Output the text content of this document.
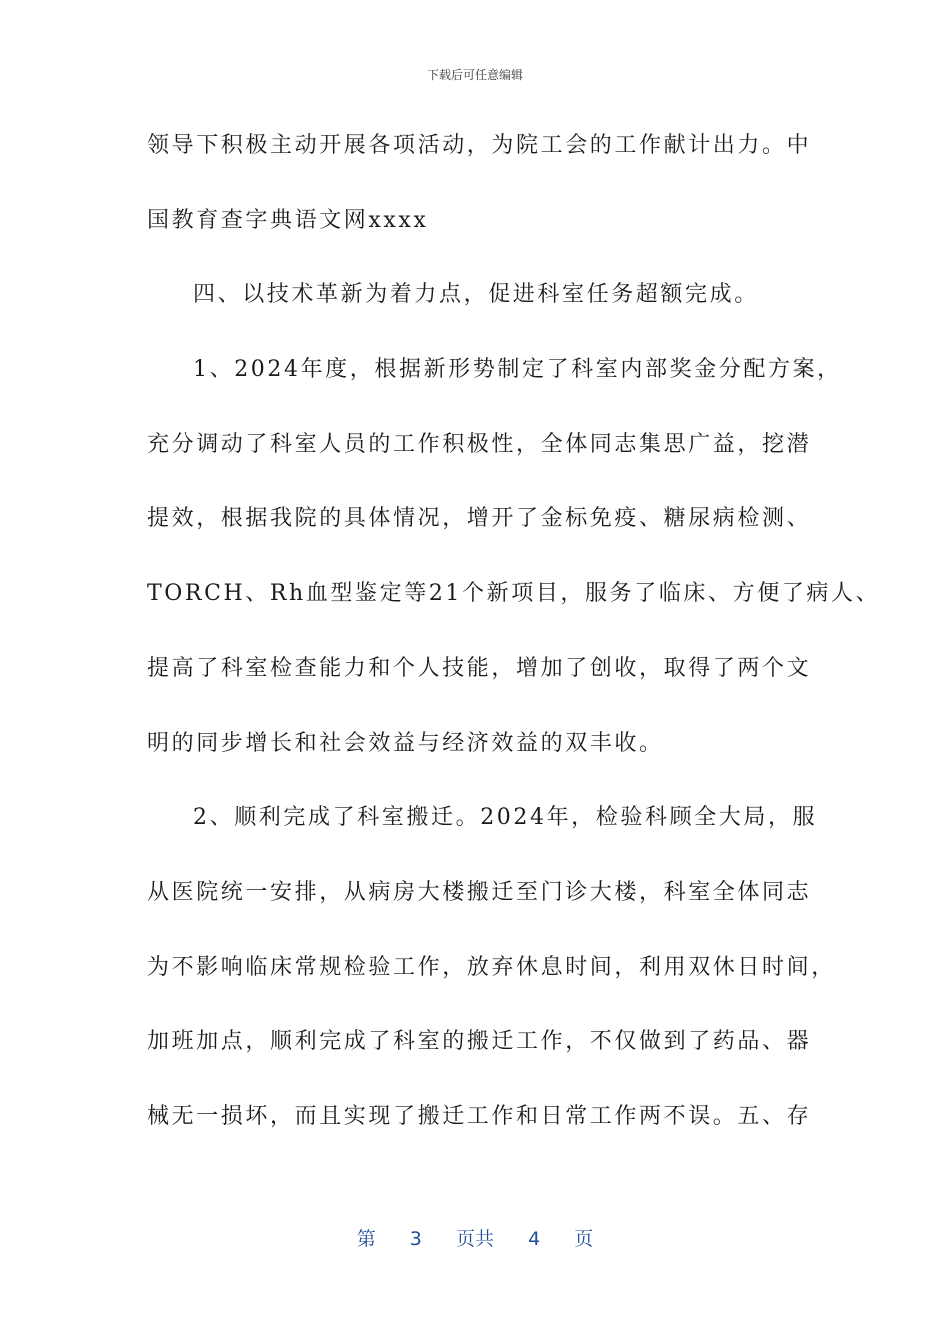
下载后可任意编辑
领导下积极主动开展各项活动，为院工会的工作献计出力。中
国教育查字典语文网xxxx
四、以技术革新为着力点，促进科室任务超额完成。
1、2024年度，根据新形势制定了科室内部奖金分配方案，
充分调动了科室人员的工作积极性，全体同志集思广益，挖潜
提效，根据我院的具体情况，增开了金标免疫、糖尿病检测、
TORCH、Rh血型鉴定等21个新项目，服务了临床、方便了病人、
提高了科室检查能力和个人技能，增加了创收，取得了两个文
明的同步增长和社会效益与经济效益的双丰收。
2、顺利完成了科室搬迁。2024年，检验科顾全大局，服
从医院统一安排，从病房大楼搬迁至门诊大楼，科室全体同志
为不影响临床常规检验工作，放弃休息时间，利用双休日时间，
加班加点，顺利完成了科室的搬迁工作，不仅做到了药品、器
械无一损坏，而且实现了搬迁工作和日常工作两不误。五、存
第 3 页共 4 页
